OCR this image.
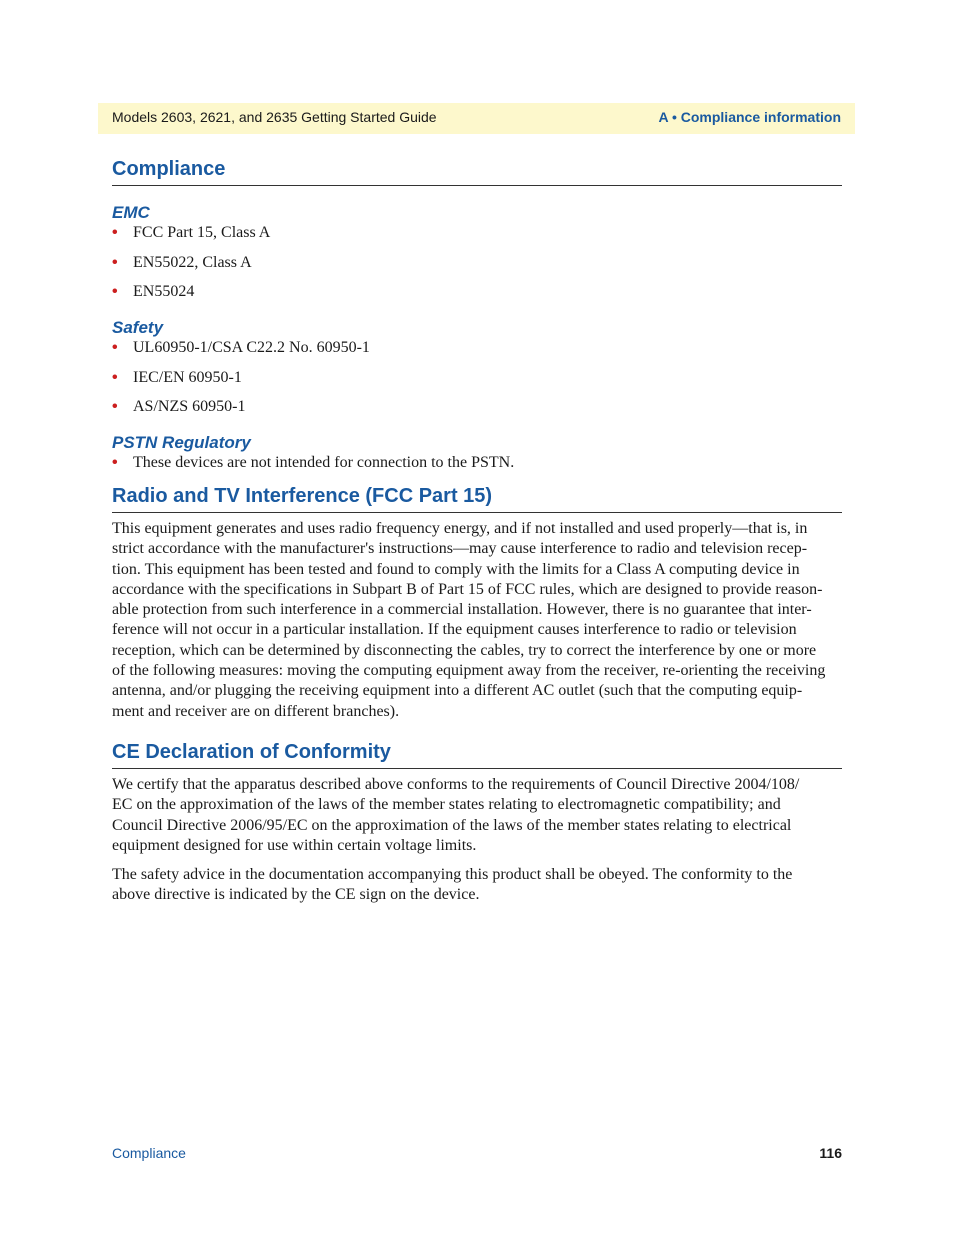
Models 2603, 2621, and 2635 Getting Started Guide	A • Compliance information
Compliance
EMC
• FCC Part 15, Class A
• EN55022, Class A
• EN55024
Safety
• UL60950-1/CSA C22.2 No. 60950-1
• IEC/EN 60950-1
• AS/NZS 60950-1
PSTN Regulatory
• These devices are not intended for connection to the PSTN.
Radio and TV Interference (FCC Part 15)

This equipment generates and uses radio frequency energy, and if not installed and used properly—that is, in
strict accordance with the manufacturer's instructions—may cause interference to radio and television recep-
tion. This equipment has been tested and found to comply with the limits for a Class A computing device in
accordance with the specifications in Subpart B of Part 15 of FCC rules, which are designed to provide reason-
able protection from such interference in a commercial installation. However, there is no guarantee that inter-
ference will not occur in a particular installation. If the equipment causes interference to radio or television
reception, which can be determined by disconnecting the cables, try to correct the interference by one or more
of the following measures: moving the computing equipment away from the receiver, re-orienting the receiving
antenna, and/or plugging the receiving equipment into a different AC outlet (such that the computing equip-
ment and receiver are on different branches).

CE Declaration of Conformity

We certify that the apparatus described above conforms to the requirements of Council Directive 2004/108/
EC on the approximation of the laws of the member states relating to electromagnetic compatibility; and
Council Directive 2006/95/EC on the approximation of the laws of the member states relating to electrical
equipment designed for use within certain voltage limits.

The safety advice in the documentation accompanying this product shall be obeyed. The conformity to the
above directive is indicated by the CE sign on the device.

Compliance	116
